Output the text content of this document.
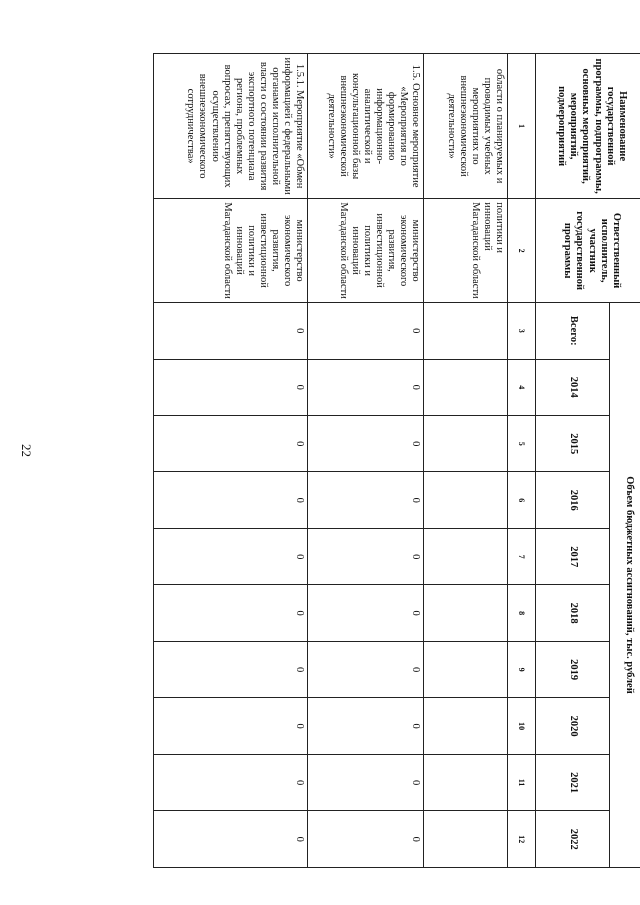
22
Наименование государственной программы, подпрограммы, основных мероприятий, мероприятий, подмероприятий	Ответственный исполнитель, участник государственной программы	Объем бюджетных ассигнований, тыс. рублей									
		Всего:	2014	2015	2016	2017	2018	2019	2020	2021	2022
1	2	3	4	5	6	7	8	9	10	11	12
области о планируемых и проводимых учебных мероприятиях по внешнеэкономической деятельности»	политики и инноваций Магаданской области										
1.5. Основное мероприятие «Мероприятия по формированию информационно-аналитической и консультационной базы внешнеэкономической деятельности»	министерство экономического развития, инвестиционной политики и инноваций Магаданской области	0	0	0	0	0	0	0	0	0	0
1.5.1. Мероприятие «Обмен информацией с федеральными органами исполнительной власти о состоянии развития экспортного потенциала региона, проблемных вопросах, препятствующих осуществлению внешнеэкономического сотрудничества»	министерство экономического развития, инвестиционной политики и инноваций Магаданской области	0	0	0	0	0	0	0	0	0	0
